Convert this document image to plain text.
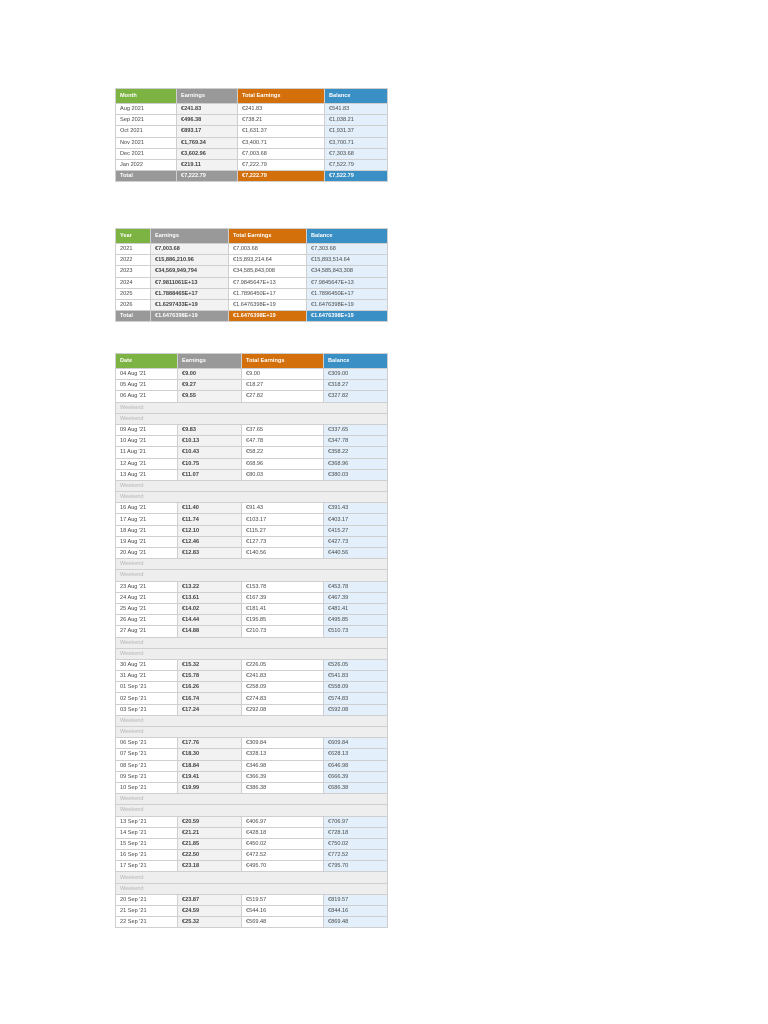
Month	Earnings	Total Earnings	Balance
Aug 2021	€241.83	€241.83	€541.83
Sep 2021	€496.38	€738.21	€1,038.21
Oct 2021	€893.17	€1,631.37	€1,931.37
Nov 2021	€1,769.34	€3,400.71	€3,700.71
Dec 2021	€3,602.96	€7,003.68	€7,303.68
Jan 2022	€219.11	€7,222.79	€7,522.79
Total	€7,222.79	€7,222.79	€7,522.79
Year	Earnings	Total Earnings	Balance
2021	€7,003.68	€7,003.68	€7,303.68
2022	€15,886,210.96	€15,893,214.64	€15,893,514.64
2023	€34,569,949,794	€34,585,843,008	€34,585,843,308
2024	€7.9811061E+13	€7.9845647E+13	€7.9845647E+13
2025	€1.7888465E+17	€1.7896450E+17	€1.7896450E+17
2026	€1.6297433E+19	€1.6476398E+19	€1.6476398E+19
Total	€1.6476398E+19	€1.6476398E+19	€1.6476398E+19
Date	Earnings	Total Earnings	Balance
04 Aug '21	€9.00	€9.00	€309.00
05 Aug '21	€9.27	€18.27	€318.27
06 Aug '21	€9.55	€27.82	€327.82
Weekend			
Weekend			
09 Aug '21	€9.83	€37.65	€337.65
10 Aug '21	€10.13	€47.78	€347.78
11 Aug '21	€10.43	€58.22	€358.22
12 Aug '21	€10.75	€68.96	€368.96
13 Aug '21	€11.07	€80.03	€380.03
Weekend			
Weekend			
16 Aug '21	€11.40	€91.43	€391.43
17 Aug '21	€11.74	€103.17	€403.17
18 Aug '21	€12.10	€115.27	€415.27
19 Aug '21	€12.46	€127.73	€427.73
20 Aug '21	€12.83	€140.56	€440.56
Weekend			
Weekend			
23 Aug '21	€13.22	€153.78	€453.78
24 Aug '21	€13.61	€167.39	€467.39
25 Aug '21	€14.02	€181.41	€481.41
26 Aug '21	€14.44	€195.85	€495.85
27 Aug '21	€14.88	€210.73	€510.73
Weekend			
Weekend			
30 Aug '21	€15.32	€226.05	€526.05
31 Aug '21	€15.78	€241.83	€541.83
01 Sep '21	€16.26	€258.09	€558.09
02 Sep '21	€16.74	€274.83	€574.83
03 Sep '21	€17.24	€292.08	€592.08
Weekend			
Weekend			
06 Sep '21	€17.76	€309.84	€609.84
07 Sep '21	€18.30	€328.13	€628.13
08 Sep '21	€18.84	€346.98	€646.98
09 Sep '21	€19.41	€366.39	€666.39
10 Sep '21	€19.99	€386.38	€686.38
Weekend			
Weekend			
13 Sep '21	€20.59	€406.97	€706.97
14 Sep '21	€21.21	€428.18	€728.18
15 Sep '21	€21.85	€450.02	€750.02
16 Sep '21	€22.50	€472.52	€772.52
17 Sep '21	€23.18	€495.70	€795.70
Weekend			
Weekend			
20 Sep '21	€23.87	€519.57	€819.57
21 Sep '21	€24.59	€544.16	€844.16
22 Sep '21	€25.32	€569.48	€869.48
